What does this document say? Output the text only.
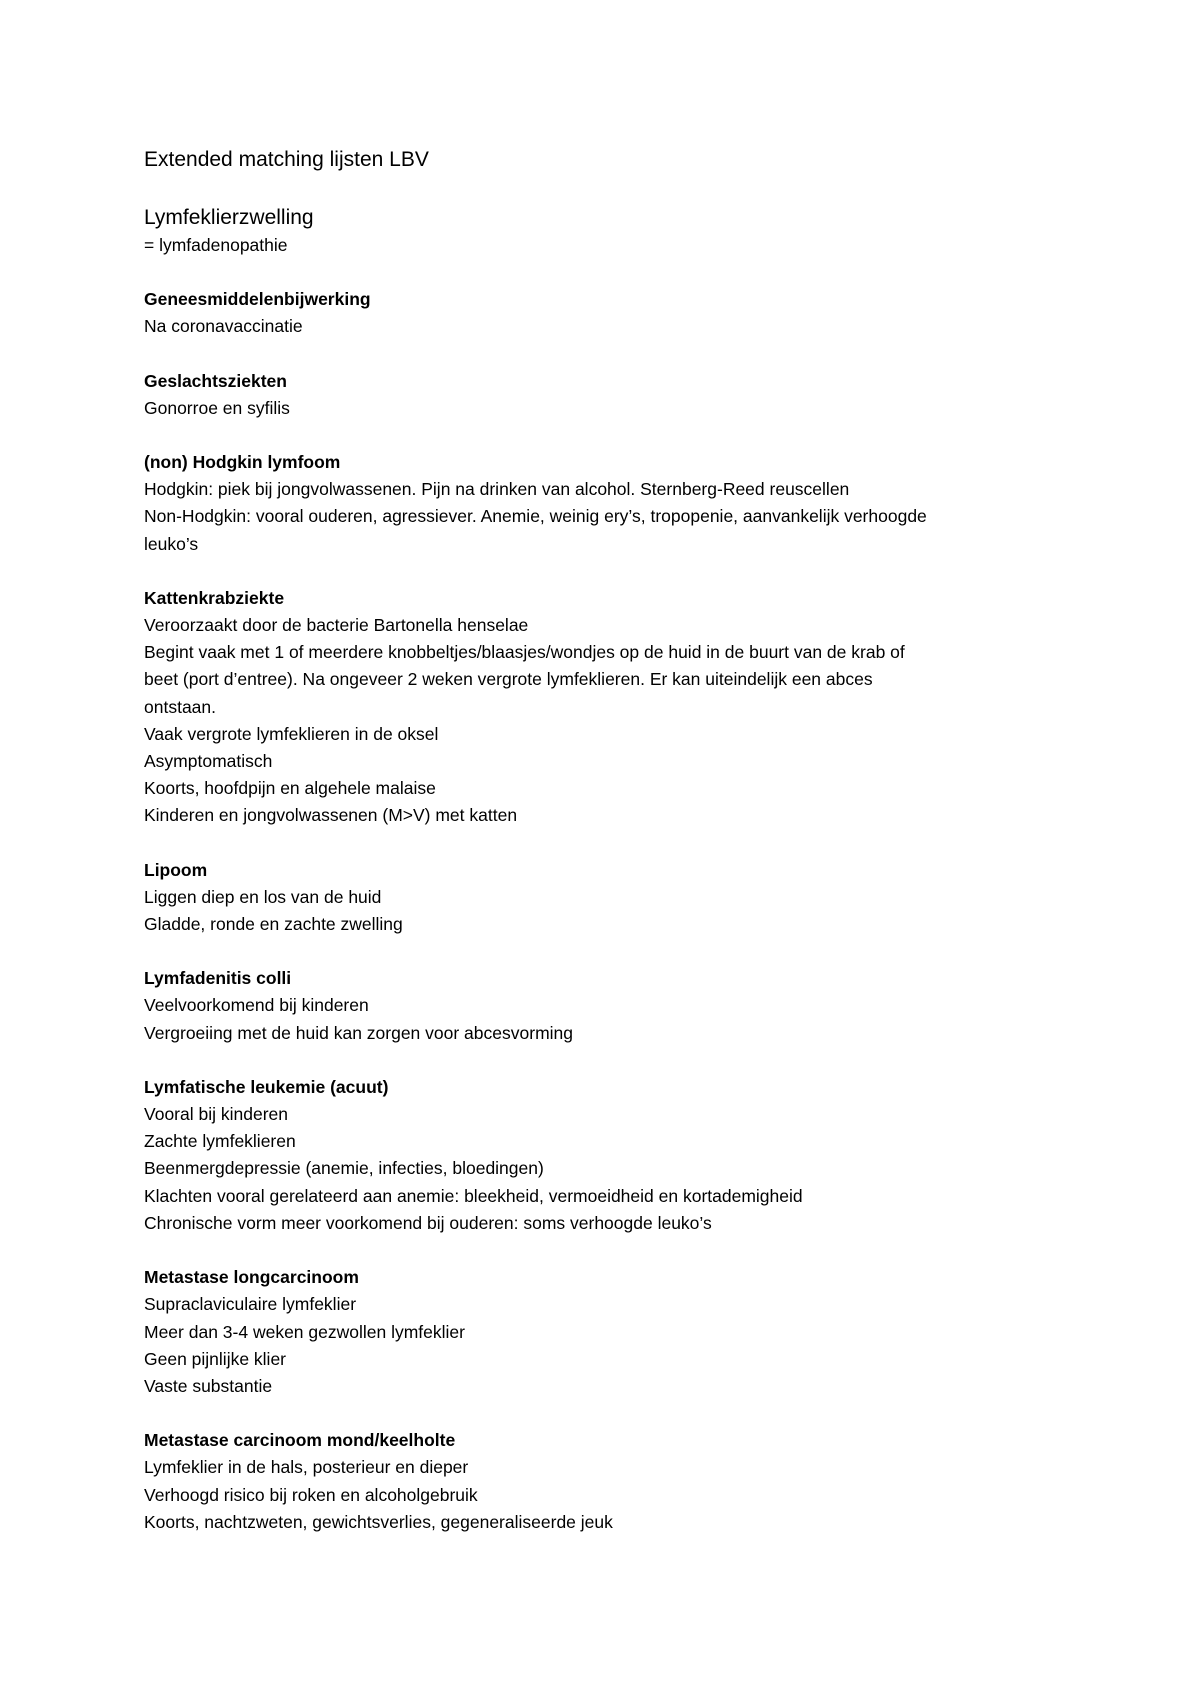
Extended matching lijsten LBV
Lymfeklierzwelling

= lymfadenopathie

Geneesmiddelenbijwerking

Na coronavaccinatie

Geslachtsziekten

Gonorroe en syfilis

(non) Hodgkin lymfoom

Hodgkin: piek bij jongvolwassenen. Pijn na drinken van alcohol. Sternberg-Reed reuscellen

Non-Hodgkin: vooral ouderen, agressiever. Anemie, weinig ery’s, tropopenie, aanvankelijk verhoogde

leuko’s

Kattenkrabziekte

Veroorzaakt door de bacterie Bartonella henselae

Begint vaak met 1 of meerdere knobbeltjes/blaasjes/wondjes op de huid in de buurt van de krab of

beet (port d’entree). Na ongeveer 2 weken vergrote lymfeklieren. Er kan uiteindelijk een abces

ontstaan.

Vaak vergrote lymfeklieren in de oksel

Asymptomatisch

Koorts, hoofdpijn en algehele malaise

Kinderen en jongvolwassenen (M>V) met katten

Lipoom

Liggen diep en los van de huid

Gladde, ronde en zachte zwelling

Lymfadenitis colli

Veelvoorkomend bij kinderen

Vergroeiing met de huid kan zorgen voor abcesvorming

Lymfatische leukemie (acuut)

Vooral bij kinderen

Zachte lymfeklieren

Beenmergdepressie (anemie, infecties, bloedingen)

Klachten vooral gerelateerd aan anemie: bleekheid, vermoeidheid en kortademigheid

Chronische vorm meer voorkomend bij ouderen: soms verhoogde leuko’s

Metastase longcarcinoom

Supraclaviculaire lymfeklier

Meer dan 3-4 weken gezwollen lymfeklier

Geen pijnlijke klier

Vaste substantie

Metastase carcinoom mond/keelholte

Lymfeklier in de hals, posterieur en dieper

Verhoogd risico bij roken en alcoholgebruik

Koorts, nachtzweten, gewichtsverlies, gegeneraliseerde jeuk
